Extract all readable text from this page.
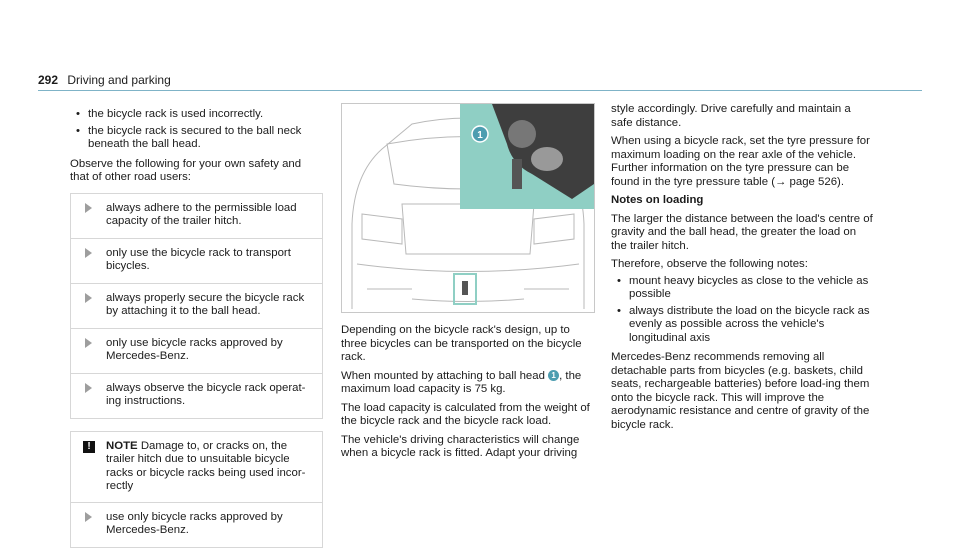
292 Driving and parking
• the bicycle rack is used incorrectly.
• the bicycle rack is secured to the ball neck beneath the ball head.

Observe the following for your own safety and that of other road users:

always adhere to the permissible load capacity of the trailer hitch.
only use the bicycle rack to transport bicycles.
always properly secure the bicycle rack by attaching it to the ball head.
only use bicycle racks approved by Mercedes-Benz.
always observe the bicycle rack operat-ing instructions.
!	NOTE Damage to, or cracks on, the trailer hitch due to unsuitable bicycle racks or bicycle racks being used incor-rectly
use only bicycle racks approved by Mercedes-Benz.
1

Depending on the bicycle rack's design, up to three bicycles can be transported on the bicycle rack.

When mounted by attaching to ball head 1 , the maximum load capacity is 75 kg.

The load capacity is calculated from the weight of the bicycle rack and the bicycle rack load.

The vehicle's driving characteristics will change when a bicycle rack is fitted. Adapt your driving

style accordingly. Drive carefully and maintain a safe distance.

When using a bicycle rack, set the tyre pressure for maximum loading on the rear axle of the vehicle. Further information on the tyre pressure can be found in the tyre pressure table (→ page 526).

Notes on loading

The larger the distance between the load's centre of gravity and the ball head, the greater the load on the trailer hitch.

Therefore, observe the following notes:

• mount heavy bicycles as close to the vehicle as possible
• always distribute the load on the bicycle rack as evenly as possible across the vehicle's longitudinal axis

Mercedes-Benz recommends removing all detachable parts from bicycles (e.g. baskets, child seats, rechargeable batteries) before load-ing them onto the bicycle rack. This will improve the aerodynamic resistance and centre of gravity of the bicycle rack.
